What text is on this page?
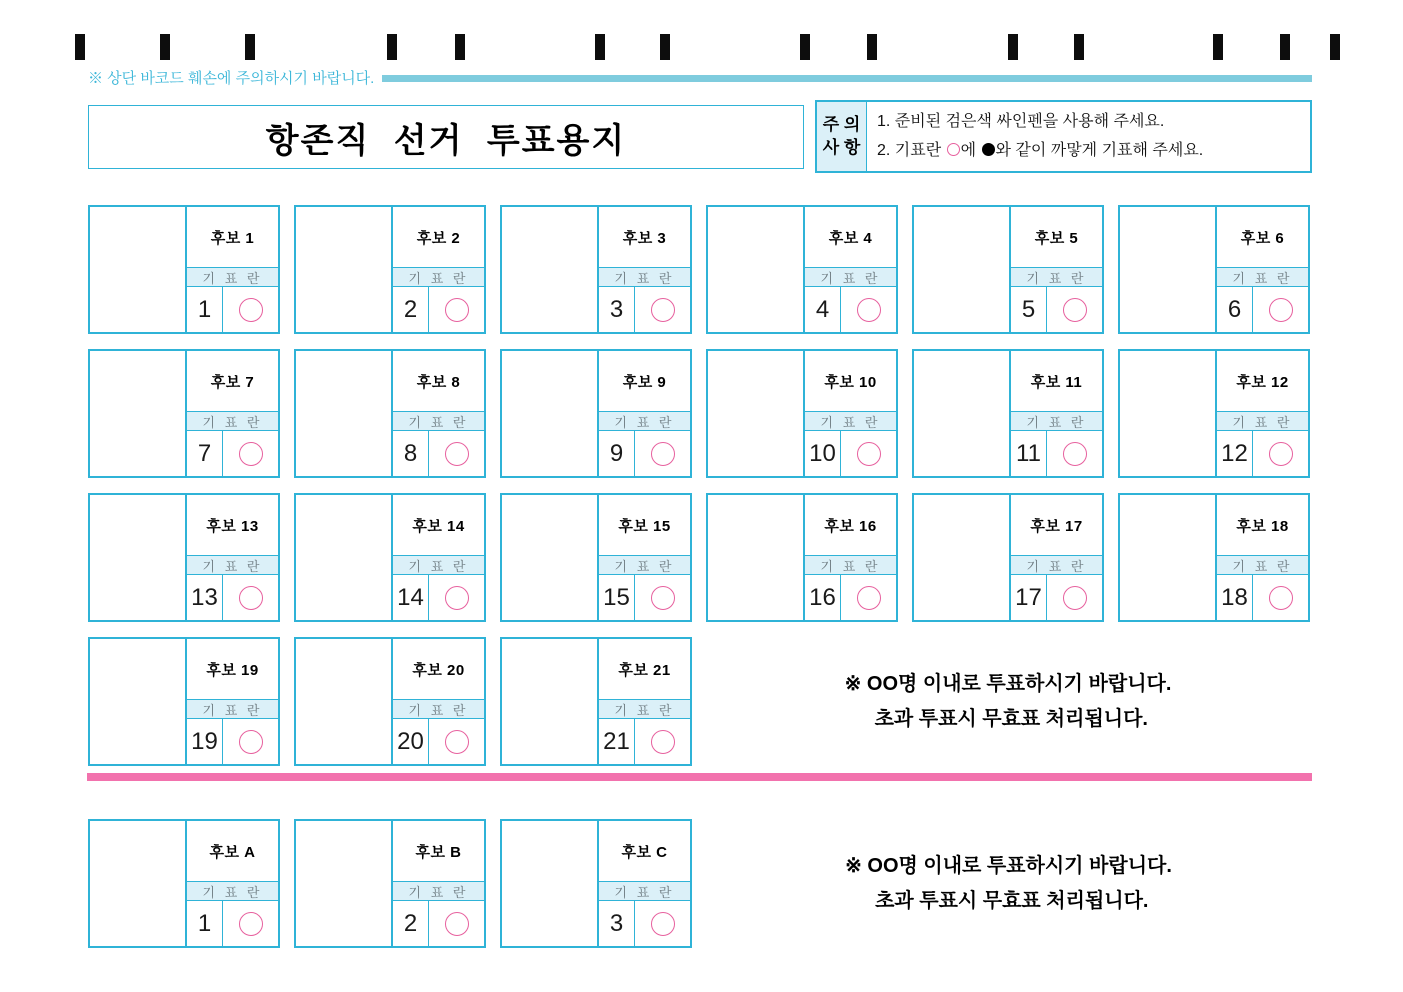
※ 상단 바코드 훼손에 주의하시기 바랍니다.
항존직 선거 투표용지	주 의
사 항
1. 준비된 검은색 싸인펜을 사용해 주세요.
2. 기표란 에 와 같이 까맣게 기표해 주세요.
※ OO명 이내로 투표하시기 바랍니다.
초과 투표시 무효표 처리됩니다.
후보 1
기 표 란
1
후보 2
기 표 란
2
후보 3
기 표 란
3
후보 4
기 표 란
4
후보 5
기 표 란
5
후보 6
기 표 란
6
후보 7
기 표 란
7
후보 8
기 표 란
8
후보 9
기 표 란
9
후보 10
기 표 란
10
후보 11
기 표 란
11
후보 12
기 표 란
12
후보 13
기 표 란
13
후보 14
기 표 란
14
후보 15
기 표 란
15
후보 16
기 표 란
16
후보 17
기 표 란
17
후보 18
기 표 란
18
후보 19
기 표 란
19
후보 20
기 표 란
20
후보 21
기 표 란
21
후보 A
기 표 란
1
후보 B
기 표 란
2
후보 C
기 표 란
3
※ OO명 이내로 투표하시기 바랍니다.
초과 투표시 무효표 처리됩니다.
